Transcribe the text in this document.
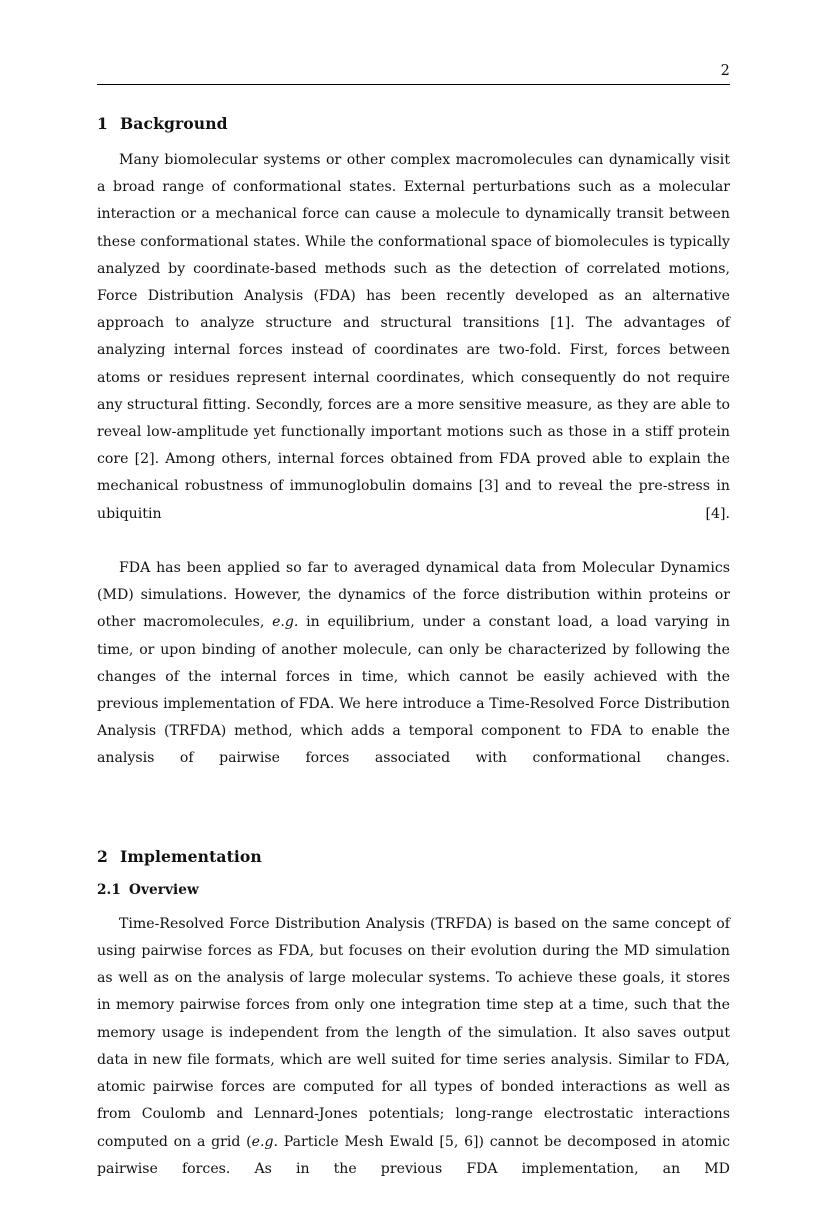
2
1 Background

Many biomolecular systems or other complex macromolecules can dynamically visit a broad range of conformational states. External perturbations such as a molecular interaction or a mechanical force can cause a molecule to dynamically transit between these conformational states. While the conformational space of biomolecules is typically analyzed by coordinate-based methods such as the detection of correlated motions, Force Distribution Analysis (FDA) has been recently developed as an alternative approach to analyze structure and structural transitions [1]. The advantages of analyzing internal forces instead of coordinates are two-fold. First, forces between atoms or residues represent internal coordinates, which consequently do not require any structural fitting. Secondly, forces are a more sensitive measure, as they are able to reveal low-amplitude yet functionally important motions such as those in a stiff protein core [2]. Among others, internal forces obtained from FDA proved able to explain the mechanical robustness of immunoglobulin domains [3] and to reveal the pre-stress in ubiquitin [4].

FDA has been applied so far to averaged dynamical data from Molecular Dynamics (MD) simulations. However, the dynamics of the force distribution within proteins or other macromolecules, e.g. in equilibrium, under a constant load, a load varying in time, or upon binding of another molecule, can only be characterized by following the changes of the internal forces in time, which cannot be easily achieved with the previous implementation of FDA. We here introduce a Time-Resolved Force Distribution Analysis (TRFDA) method, which adds a temporal component to FDA to enable the analysis of pairwise forces associated with conformational changes.

2 Implementation
2.1 Overview

Time-Resolved Force Distribution Analysis (TRFDA) is based on the same concept of using pairwise forces as FDA, but focuses on their evolution during the MD simulation as well as on the analysis of large molecular systems. To achieve these goals, it stores in memory pairwise forces from only one integration time step at a time, such that the memory usage is independent from the length of the simulation. It also saves output data in new file formats, which are well suited for time series analysis. Similar to FDA, atomic pairwise forces are computed for all types of bonded interactions as well as from Coulomb and Lennard-Jones potentials; long-range electrostatic interactions computed on a grid (e.g. Particle Mesh Ewald [5, 6]) cannot be decomposed in atomic pairwise forces. As in the previous FDA implementation, an MD
